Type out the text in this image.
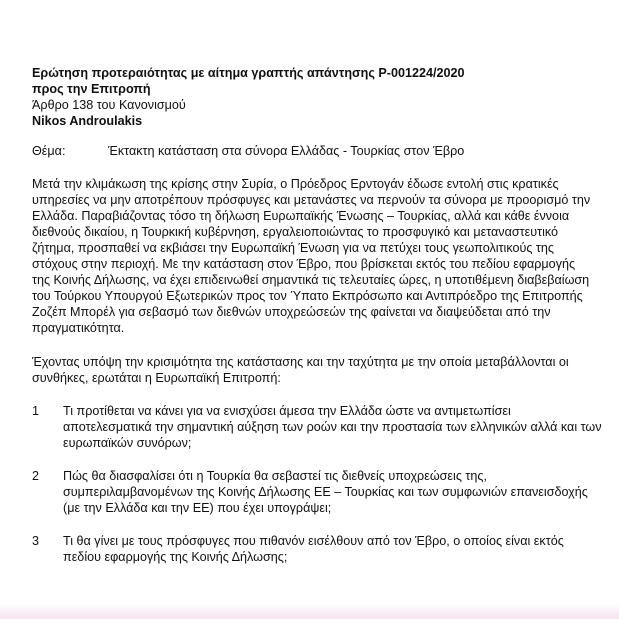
Ερώτηση προτεραιότητας με αίτημα γραπτής απάντησης P-001224/2020
προς την Επιτροπή
Άρθρο 138 του Κανονισμού
Nikos Androulakis
Θέμα:	Έκτακτη κατάσταση στα σύνορα Ελλάδας - Τουρκίας στον Έβρο
Μετά την κλιμάκωση της κρίσης στην Συρία, ο Πρόεδρος Ερντογάν έδωσε εντολή στις κρατικές
υπηρεσίες να μην αποτρέπουν πρόσφυγες και μετανάστες να περνούν τα σύνορα με προορισμό την
Ελλάδα. Παραβιάζοντας τόσο τη δήλωση Ευρωπαϊκής Ένωσης – Τουρκίας, αλλά και κάθε έννοια
διεθνούς δικαίου, η Τουρκική κυβέρνηση, εργαλειοποιώντας το προσφυγικό και μεταναστευτικό
ζήτημα, προσπαθεί να εκβιάσει την Ευρωπαϊκή Ένωση για να πετύχει τους γεωπολιτικούς της
στόχους στην περιοχή. Με την κατάσταση στον Έβρο, που βρίσκεται εκτός του πεδίου εφαρμογής
της Κοινής Δήλωσης, να έχει επιδεινωθεί σημαντικά τις τελευταίες ώρες, η υποτιθέμενη διαβεβαίωση
του Τούρκου Υπουργού Εξωτερικών προς τον Ύπατο Εκπρόσωπο και Αντιπρόεδρο της Επιτροπής
Ζοζέπ Μπορέλ για σεβασμό των διεθνών υποχρεώσεών της φαίνεται να διαψεύδεται από την
πραγματικότητα.
Έχοντας υπόψη την κρισιμότητα της κατάστασης και την ταχύτητα με την οποία μεταβάλλονται οι
συνθήκες, ερωτάται η Ευρωπαϊκή Επιτροπή:
1 Τι προτίθεται να κάνει για να ενισχύσει άμεσα την Ελλάδα ώστε να αντιμετωπίσει
αποτελεσματικά την σημαντική αύξηση των ροών και την προστασία των ελληνικών αλλά και των
ευρωπαϊκών συνόρων;
2 Πώς θα διασφαλίσει ότι η Τουρκία θα σεβαστεί τις διεθνείς υποχρεώσεις της,
συμπεριλαμβανομένων της Κοινής Δήλωσης ΕΕ – Τουρκίας και των συμφωνιών επανεισδοχής
(με την Ελλάδα και την ΕΕ) που έχει υπογράψει;
3 Τι θα γίνει με τους πρόσφυγες που πιθανόν εισέλθουν από τον Έβρο, ο οποίος είναι εκτός
πεδίου εφαρμογής της Κοινής Δήλωσης;
